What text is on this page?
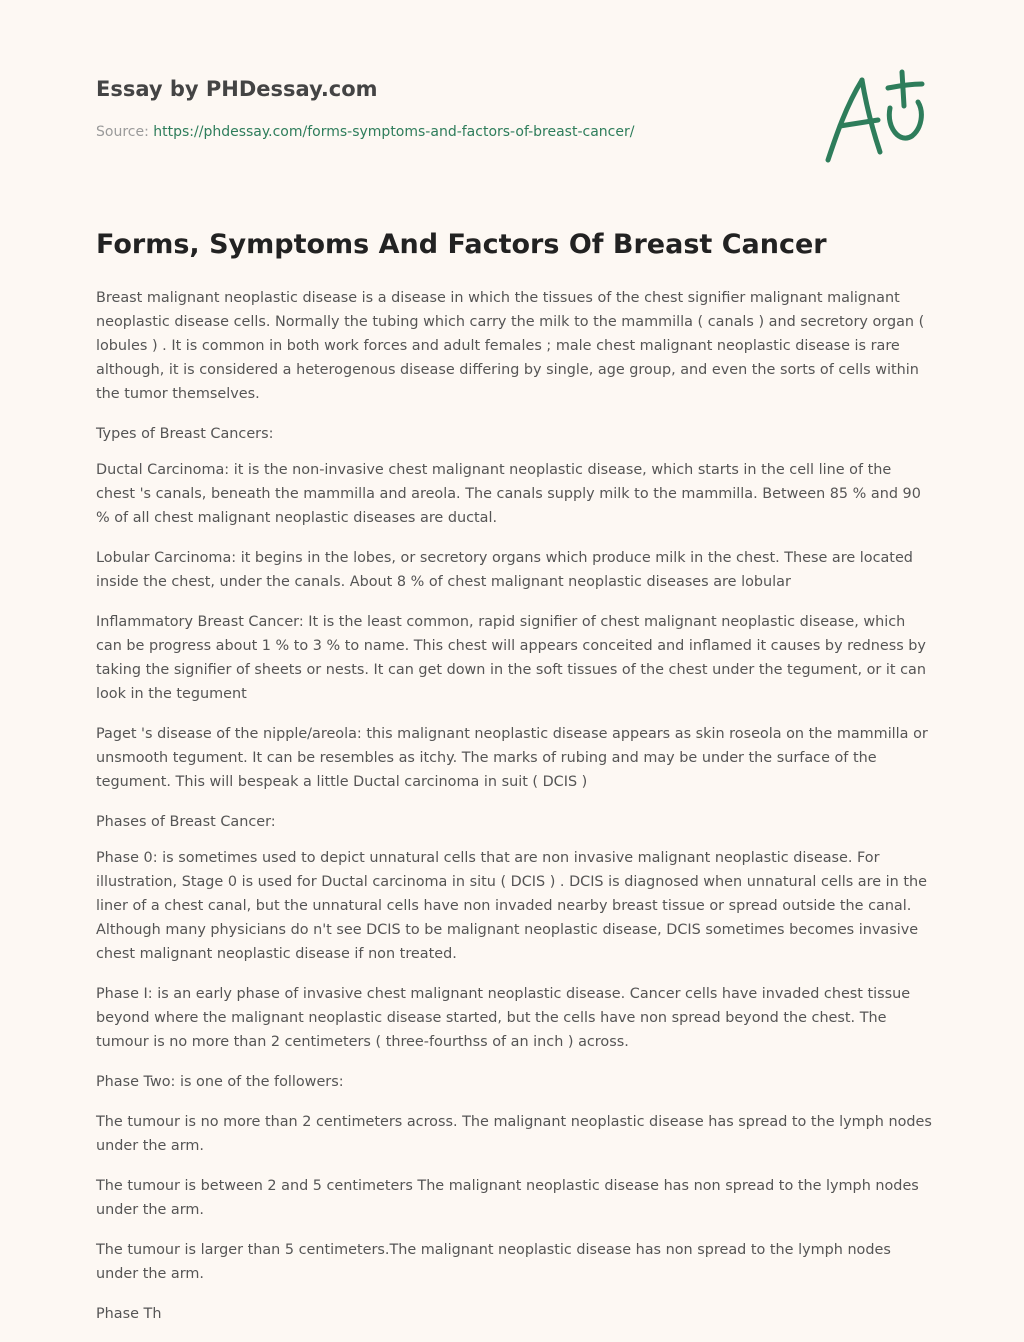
Essay by PHDessay.com
Source: https://phdessay.com/forms-symptoms-and-factors-of-breast-cancer/
Forms, Symptoms And Factors Of Breast Cancer

Breast malignant neoplastic disease is a disease in which the tissues of the chest signifier malignant malignant neoplastic disease cells. Normally the tubing which carry the milk to the mammilla ( canals ) and secretory organ ( lobules ) . It is common in both work forces and adult females ; male chest malignant neoplastic disease is rare although, it is considered a heterogenous disease differing by single, age group, and even the sorts of cells within the tumor themselves.

Types of Breast Cancers:

Ductal Carcinoma: it is the non-invasive chest malignant neoplastic disease, which starts in the cell line of the chest 's canals, beneath the mammilla and areola. The canals supply milk to the mammilla. Between 85 % and 90 % of all chest malignant neoplastic diseases are ductal.

Lobular Carcinoma: it begins in the lobes, or secretory organs which produce milk in the chest. These are located inside the chest, under the canals. About 8 % of chest malignant neoplastic diseases are lobular

Inflammatory Breast Cancer: It is the least common, rapid signifier of chest malignant neoplastic disease, which can be progress about 1 % to 3 % to name. This chest will appears conceited and inflamed it causes by redness by taking the signifier of sheets or nests. It can get down in the soft tissues of the chest under the tegument, or it can look in the tegument

Paget 's disease of the nipple/areola: this malignant neoplastic disease appears as skin roseola on the mammilla or unsmooth tegument. It can be resembles as itchy. The marks of rubing and may be under the surface of the tegument. This will bespeak a little Ductal carcinoma in suit ( DCIS )

Phases of Breast Cancer:

Phase 0: is sometimes used to depict unnatural cells that are non invasive malignant neoplastic disease. For illustration, Stage 0 is used for Ductal carcinoma in situ ( DCIS ) . DCIS is diagnosed when unnatural cells are in the liner of a chest canal, but the unnatural cells have non invaded nearby breast tissue or spread outside the canal. Although many physicians do n't see DCIS to be malignant neoplastic disease, DCIS sometimes becomes invasive chest malignant neoplastic disease if non treated.

Phase I: is an early phase of invasive chest malignant neoplastic disease. Cancer cells have invaded chest tissue beyond where the malignant neoplastic disease started, but the cells have non spread beyond the chest. The tumour is no more than 2 centimeters ( three-fourthss of an inch ) across.

Phase Two: is one of the followers:

The tumour is no more than 2 centimeters across. The malignant neoplastic disease has spread to the lymph nodes under the arm.

The tumour is between 2 and 5 centimeters The malignant neoplastic disease has non spread to the lymph nodes under the arm.

The tumour is larger than 5 centimeters.The malignant neoplastic disease has non spread to the lymph nodes under the arm.

Phase Th
